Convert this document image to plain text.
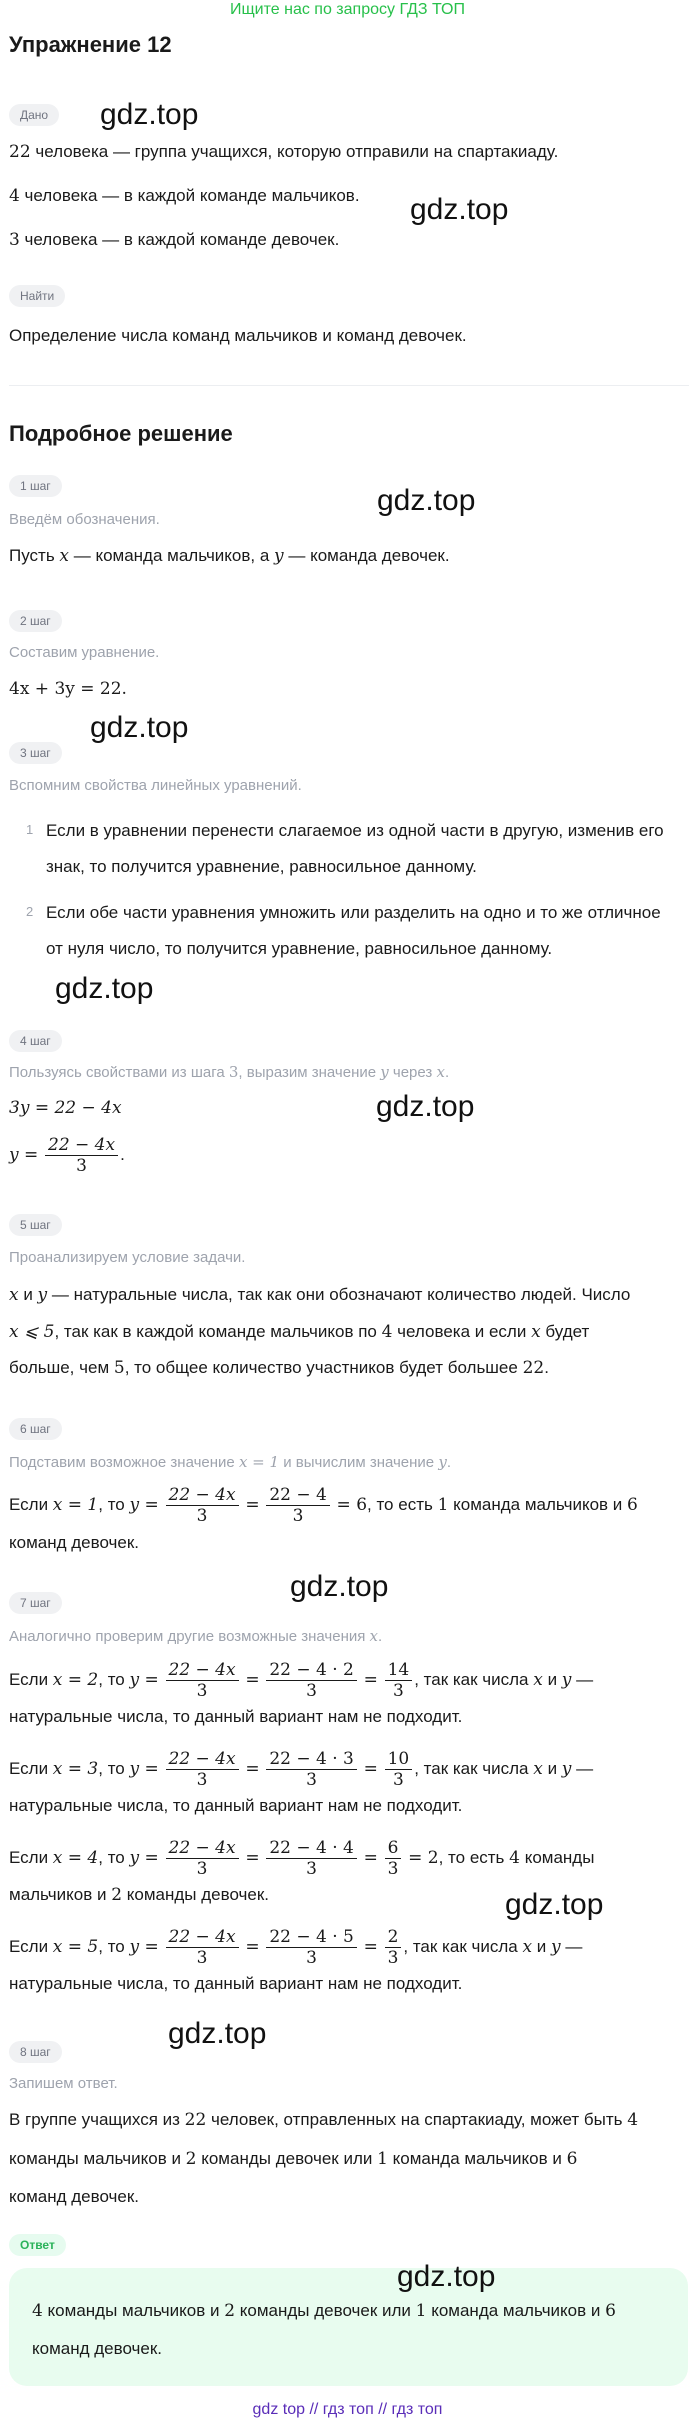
Ищите нас по запросу ГДЗ ТОП
Упражнение 12
Дано
22 человека — группа учащихся, которую отправили на спартакиаду.
4 человека — в каждой команде мальчиков.
3 человека — в каждой команде девочек.
Найти
Определение числа команд мальчиков и команд девочек.
Подробное решение
1 шаг
Введём обозначения.
Пусть x — команда мальчиков, а y — команда девочек.
2 шаг
Составим уравнение.
4x + 3y = 22.
3 шаг
Вспомним свойства линейных уравнений.
1 Если в уравнении перенести слагаемое из одной части в другую, изменив его знак, то получится уравнение, равносильное данному.
2 Если обе части уравнения умножить или разделить на одно и то же отличное от нуля число, то получится уравнение, равносильное данному.
4 шаг
Пользуясь свойствами из шага 3, выразим значение y через x.
3y = 22 − 4x
$y = \frac{22 - 4x}{3}$ .
5 шаг
Проанализируем условие задачи.
x и y — натуральные числа, так как они обозначают количество людей. Число
x ⩽ 5, так как в каждой команде мальчиков по 4 человека и если x будет
больше, чем 5, то общее количество участников будет большее 22.
6 шаг
Подставим возможное значение x = 1 и вычислим значение y.
Если x = 1, то $y = \frac{22 - 4x}{3} = \frac{22 - 4}{3} = 6$, то есть 1 команда мальчиков и 6
команд девочек.
7 шаг
Аналогично проверим другие возможные значения x.
Если x = 2, то $y = \frac{22 - 4x}{3} = \frac{22 - 4 \cdot 2}{3} = \frac{14}{3}$ , так как числа x и y —
натуральные числа, то данный вариант нам не подходит.
Если x = 3, то $y = \frac{22 - 4x}{3} = \frac{22 - 4 \cdot 3}{3} = \frac{10}{3}$ , так как числа x и y —
натуральные числа, то данный вариант нам не подходит.
Если x = 4, то $y = \frac{22 - 4x}{3} = \frac{22 - 4 \cdot 4}{3} = \frac{6}{3} = 2$, то есть 4 команды
мальчиков и 2 команды девочек.
Если x = 5, то $y = \frac{22 - 4x}{3} = \frac{22 - 4 \cdot 5}{3} = \frac{2}{3}$ , так как числа x и y —
натуральные числа, то данный вариант нам не подходит.
8 шаг
Запишем ответ.
В группе учащихся из 22 человек, отправленных на спартакиаду, может быть 4
команды мальчиков и 2 команды девочек или 1 команда мальчиков и 6
команд девочек.
Ответ
4 команды мальчиков и 2 команды девочек или 1 команда мальчиков и 6
команд девочек.
gdz.top
gdz.top
gdz.top
gdz.top
gdz.top
gdz.top
gdz.top
gdz.top
gdz.top
gdz.top
gdz top // гдз топ // гдз топ
